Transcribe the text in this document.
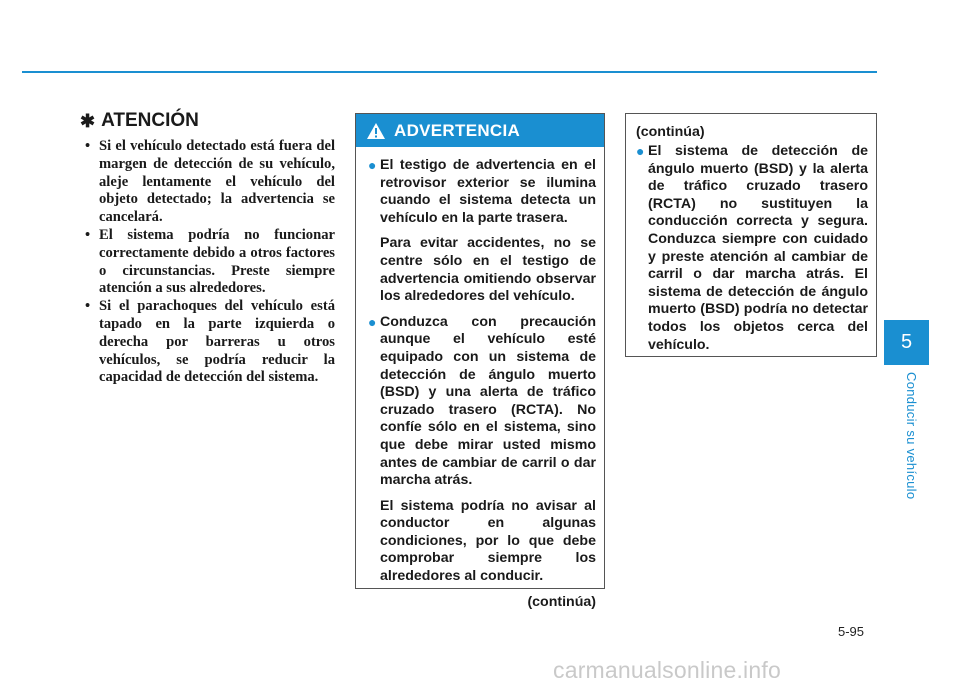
✱ ATENCIÓN
• Si el vehículo detectado está fuera del margen de detección de su vehículo, aleje lentamente el vehículo del objeto detectado; la advertencia se cancelará.
• El sistema podría no funcionar correctamente debido a otros factores o circunstancias. Preste siempre atención a sus alrededores.
• Si el parachoques del vehículo está tapado en la parte izquierda o derecha por barreras u otros vehículos, se podría reducir la capacidad de detección del sistema.
ADVERTENCIA

● El testigo de advertencia en el retrovisor exterior se ilumina cuando el sistema detecta un vehículo en la parte trasera.

Para evitar accidentes, no se centre sólo en el testigo de advertencia omitiendo observar los alrededores del vehículo.

● Conduzca con precaución aunque el vehículo esté equipado con un sistema de detección de ángulo muerto (BSD) y una alerta de tráfico cruzado trasero (RCTA). No confíe sólo en el sistema, sino que debe mirar usted mismo antes de cambiar de carril o dar marcha atrás.

El sistema podría no avisar al conductor en algunas condiciones, por lo que debe comprobar siempre los alrededores al conducir.

(continúa)

(continúa)

● El sistema de detección de ángulo muerto (BSD) y la alerta de tráfico cruzado trasero (RCTA) no sustituyen la conducción correcta y segura. Conduzca siempre con cuidado y preste atención al cambiar de carril o dar marcha atrás. El sistema de detección de ángulo muerto (BSD) podría no detectar todos los objetos cerca del vehículo.	5
Conducir su vehículo
5-95
carmanualsonline.info
